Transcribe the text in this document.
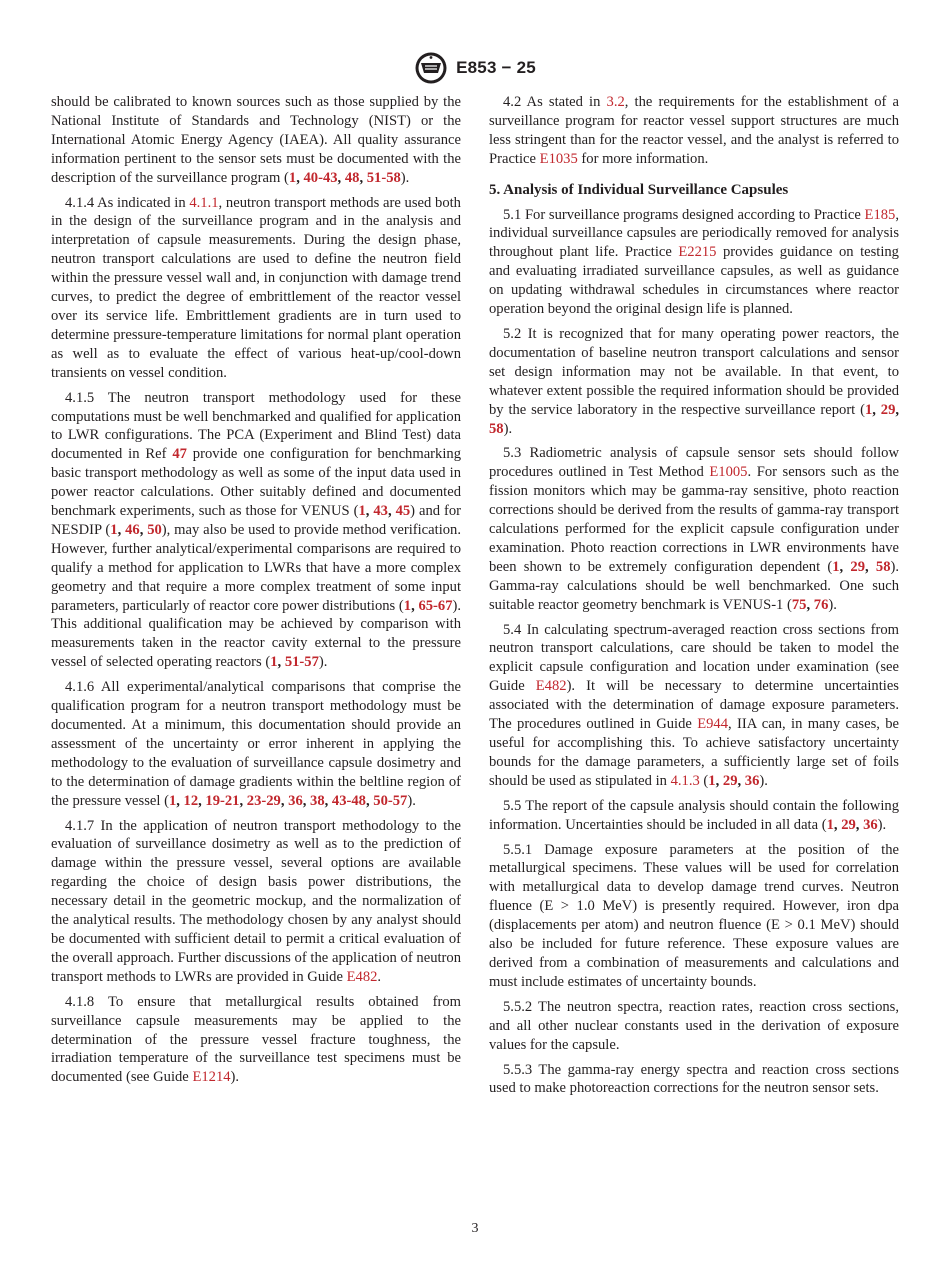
E853 − 25

should be calibrated to known sources such as those supplied by the National Institute of Standards and Technology (NIST) or the International Atomic Energy Agency (IAEA). All quality assurance information pertinent to the sensor sets must be documented with the description of the surveillance program (1, 40-43, 48, 51-58).

4.1.4 As indicated in 4.1.1, neutron transport methods are used both in the design of the surveillance program and in the analysis and interpretation of capsule measurements. During the design phase, neutron transport calculations are used to define the neutron field within the pressure vessel wall and, in conjunction with damage trend curves, to predict the degree of embrittlement of the reactor vessel over its service life. Embrittlement gradients are in turn used to determine pressure-temperature limitations for normal plant operation as well as to evaluate the effect of various heat-up/cool-down transients on vessel condition.

4.1.5 The neutron transport methodology used for these computations must be well benchmarked and qualified for application to LWR configurations. The PCA (Experiment and Blind Test) data documented in Ref 47 provide one configuration for benchmarking basic transport methodology as well as some of the input data used in power reactor calculations. Other suitably defined and documented benchmark experiments, such as those for VENUS (1, 43, 45) and for NESDIP (1, 46, 50), may also be used to provide method verification. However, further analytical/experimental comparisons are required to qualify a method for application to LWRs that have a more complex geometry and that require a more complex treatment of some input parameters, particularly of reactor core power distributions (1, 65-67). This additional qualification may be achieved by comparison with measurements taken in the reactor cavity external to the pressure vessel of selected operating reactors (1, 51-57).

4.1.6 All experimental/analytical comparisons that comprise the qualification program for a neutron transport methodology must be documented. At a minimum, this documentation should provide an assessment of the uncertainty or error inherent in applying the methodology to the evaluation of surveillance capsule dosimetry and to the determination of damage gradients within the beltline region of the pressure vessel (1, 12, 19-21, 23-29, 36, 38, 43-48, 50-57).

4.1.7 In the application of neutron transport methodology to the evaluation of surveillance dosimetry as well as to the prediction of damage within the pressure vessel, several options are available regarding the choice of design basis power distributions, the necessary detail in the geometric mockup, and the normalization of the analytical results. The methodology chosen by any analyst should be documented with sufficient detail to permit a critical evaluation of the overall approach. Further discussions of the application of neutron transport methods to LWRs are provided in Guide E482.

4.1.8 To ensure that metallurgical results obtained from surveillance capsule measurements may be applied to the determination of the pressure vessel fracture toughness, the irradiation temperature of the surveillance test specimens must be documented (see Guide E1214).

4.2 As stated in 3.2, the requirements for the establishment of a surveillance program for reactor vessel support structures are much less stringent than for the reactor vessel, and the analyst is referred to Practice E1035 for more information.

5. Analysis of Individual Surveillance Capsules

5.1 For surveillance programs designed according to Practice E185, individual surveillance capsules are periodically removed for analysis throughout plant life. Practice E2215 provides guidance on testing and evaluating irradiated surveillance capsules, as well as guidance on updating withdrawal schedules in circumstances where reactor operation beyond the original design life is planned.

5.2 It is recognized that for many operating power reactors, the documentation of baseline neutron transport calculations and sensor set design information may not be available. In that event, to whatever extent possible the required information should be provided by the service laboratory in the respective surveillance report (1, 29, 58).

5.3 Radiometric analysis of capsule sensor sets should follow procedures outlined in Test Method E1005. For sensors such as the fission monitors which may be gamma-ray sensitive, photo reaction corrections should be derived from the results of gamma-ray transport calculations performed for the explicit capsule configuration under examination. Photo reaction corrections in LWR environments have been shown to be extremely configuration dependent (1, 29, 58). Gamma-ray calculations should be well benchmarked. One such suitable reactor geometry benchmark is VENUS-1 (75, 76).

5.4 In calculating spectrum-averaged reaction cross sections from neutron transport calculations, care should be taken to model the explicit capsule configuration and location under examination (see Guide E482). It will be necessary to determine uncertainties associated with the determination of damage exposure parameters. The procedures outlined in Guide E944, IIA can, in many cases, be useful for accomplishing this. To achieve satisfactory uncertainty bounds for the damage parameters, a sufficiently large set of foils should be used as stipulated in 4.1.3 (1, 29, 36).

5.5 The report of the capsule analysis should contain the following information. Uncertainties should be included in all data (1, 29, 36).

5.5.1 Damage exposure parameters at the position of the metallurgical specimens. These values will be used for correlation with metallurgical data to develop damage trend curves. Neutron fluence (E > 1.0 MeV) is presently required. However, iron dpa (displacements per atom) and neutron fluence (E > 0.1 MeV) should also be included for future reference. These exposure values are derived from a combination of measurements and calculations and must include estimates of uncertainty bounds.

5.5.2 The neutron spectra, reaction rates, reaction cross sections, and all other nuclear constants used in the derivation of exposure values for the capsule.

5.5.3 The gamma-ray energy spectra and reaction cross sections used to make photoreaction corrections for the neutron sensor sets.

3
